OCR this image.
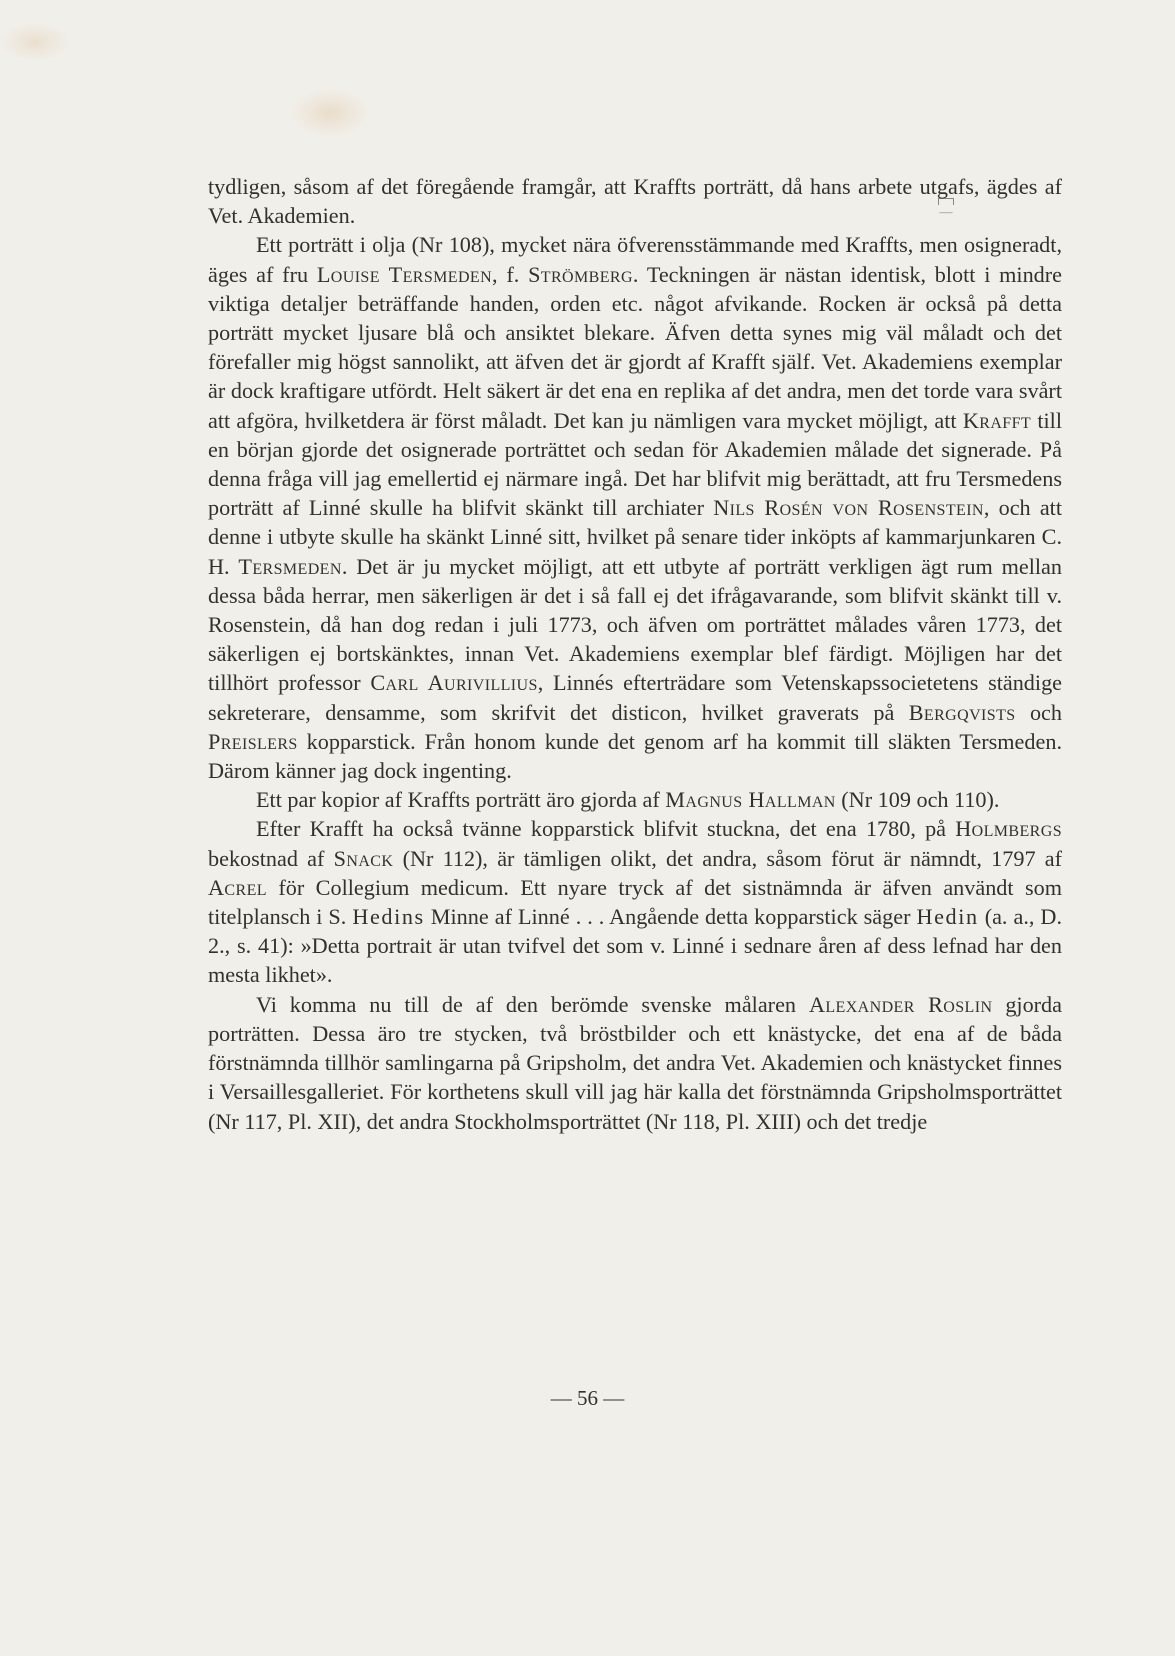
—

tydligen, såsom af det föregående framgår, att Kraffts porträtt, då hans arbete utgafs, ägdes af Vet. Akademien.

Ett porträtt i olja (Nr 108), mycket nära öfverensstämmande med Kraffts, men osigneradt, äges af fru Louise Tersmeden, f. Strömberg. Teckningen är nästan identisk, blott i mindre viktiga detaljer beträffande handen, orden etc. något afvikande. Rocken är också på detta porträtt mycket ljusare blå och ansiktet blekare. Äfven detta synes mig väl måladt och det förefaller mig högst sannolikt, att äfven det är gjordt af Krafft själf. Vet. Akademiens exemplar är dock kraftigare utfördt. Helt säkert är det ena en replika af det andra, men det torde vara svårt att afgöra, hvilketdera är först måladt. Det kan ju nämligen vara mycket möjligt, att Krafft till en början gjorde det osignerade porträttet och sedan för Akademien målade det signerade. På denna fråga vill jag emellertid ej närmare ingå. Det har blifvit mig berättadt, att fru Tersmedens porträtt af Linné skulle ha blifvit skänkt till archiater Nils Rosén von Rosenstein, och att denne i utbyte skulle ha skänkt Linné sitt, hvilket på senare tider inköpts af kammarjunkaren C. H. Tersmeden. Det är ju mycket möjligt, att ett utbyte af porträtt verkligen ägt rum mellan dessa båda herrar, men säkerligen är det i så fall ej det ifrågavarande, som blifvit skänkt till v. Rosenstein, då han dog redan i juli 1773, och äfven om porträttet målades våren 1773, det säkerligen ej bortskänktes, innan Vet. Akademiens exemplar blef färdigt. Möjligen har det tillhört professor Carl Aurivillius, Linnés efterträdare som Vetenskapssocietetens ständige sekreterare, densamme, som skrifvit det disticon, hvilket graverats på Bergqvists och Preislers kopparstick. Från honom kunde det genom arf ha kommit till släkten Tersmeden. Därom känner jag dock ingenting.

Ett par kopior af Kraffts porträtt äro gjorda af Magnus Hallman (Nr 109 och 110).

Efter Krafft ha också tvänne kopparstick blifvit stuckna, det ena 1780, på Holmbergs bekostnad af Snack (Nr 112), är tämligen olikt, det andra, såsom förut är nämndt, 1797 af Acrel för Collegium medicum. Ett nyare tryck af det sistnämnda är äfven användt som titelplansch i S. Hedins Minne af Linné . . . Angående detta kopparstick säger Hedin (a. a., D. 2., s. 41): »Detta portrait är utan tvifvel det som v. Linné i sednare åren af dess lefnad har den mesta likhet».

Vi komma nu till de af den berömde svenske målaren Alexander Roslin gjorda porträtten. Dessa äro tre stycken, två bröstbilder och ett knästycke, det ena af de båda förstnämnda tillhör samlingarna på Gripsholm, det andra Vet. Akademien och knästycket finnes i Versaillesgalleriet. För korthetens skull vill jag här kalla det förstnämnda Gripsholmsporträttet (Nr 117, Pl. XII), det andra Stockholmsporträttet (Nr 118, Pl. XIII) och det tredje

— 56 —
